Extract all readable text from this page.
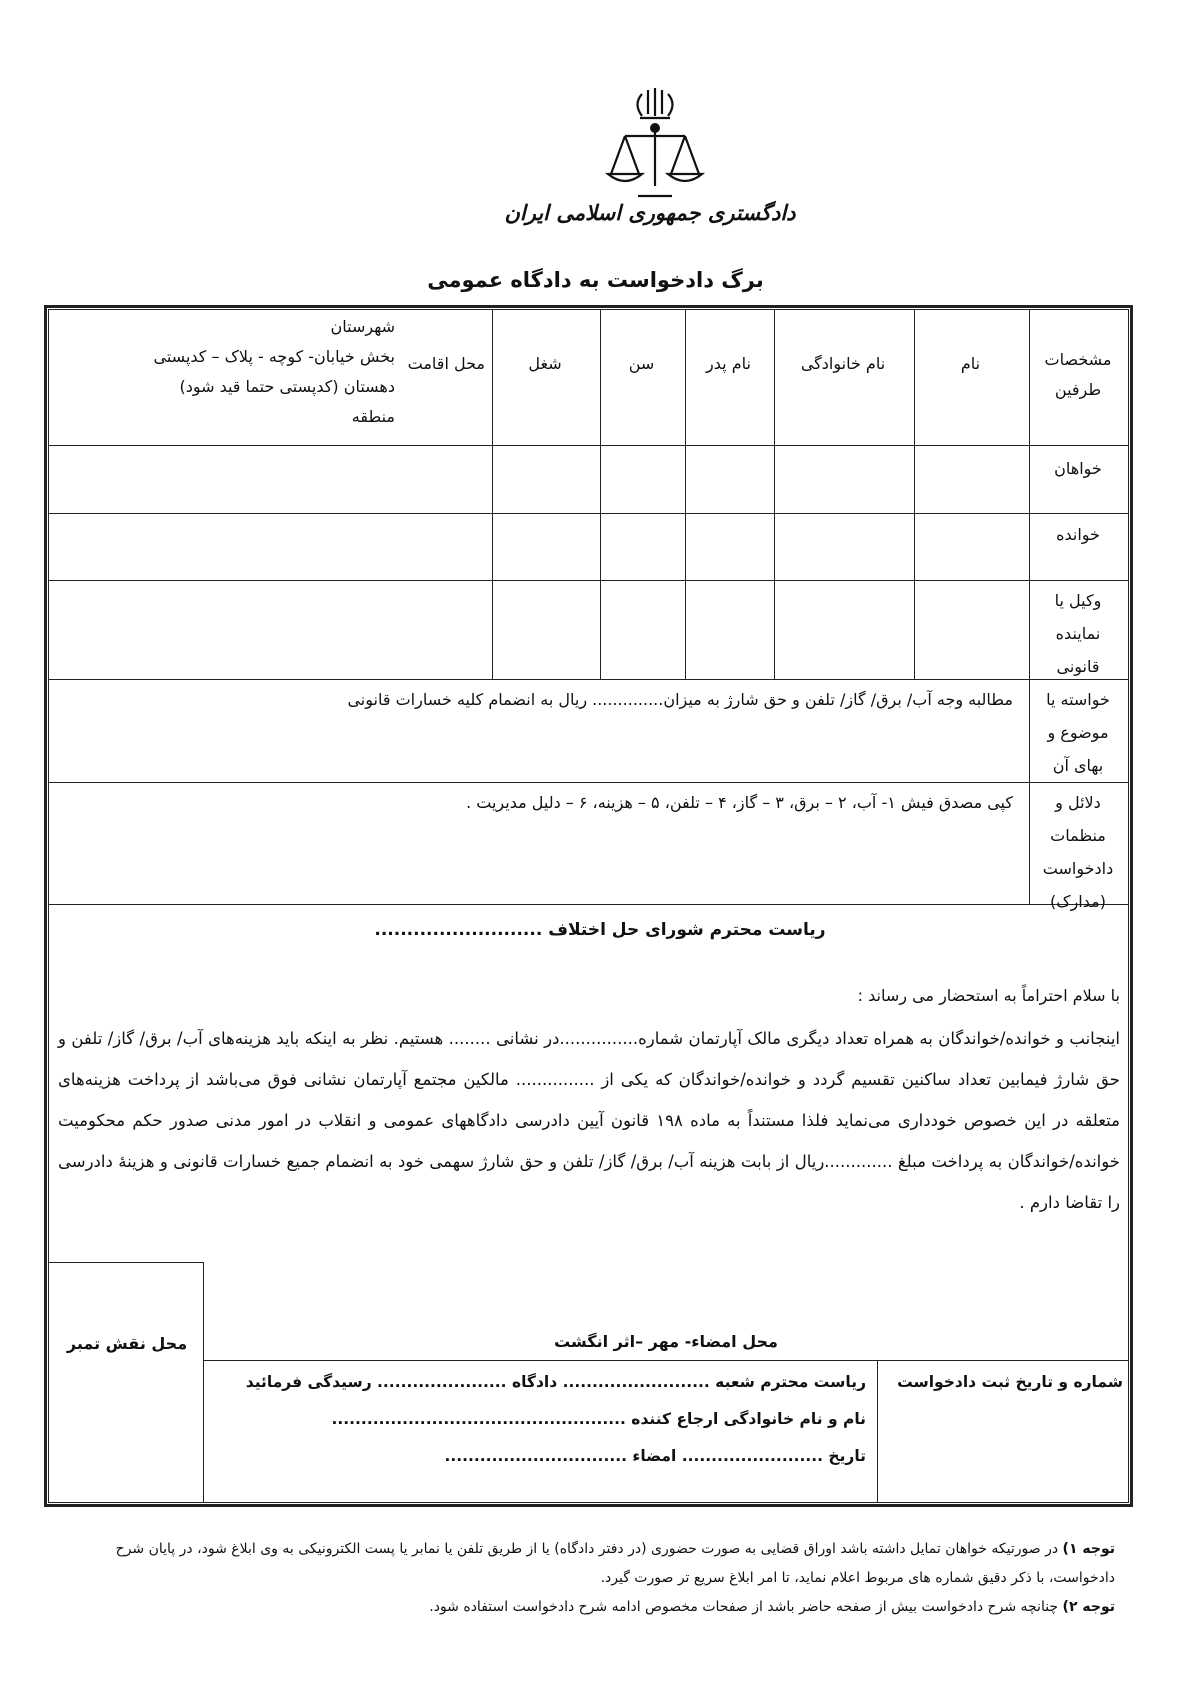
دادگستری جمهوری اسلامی ایران
برگ دادخواست به دادگاه عمومی
مشخصات طرفین
نام
نام خانوادگی
نام پدر
سن
شغل
محل اقامت
شهرستان
بخش خیابان- کوچه - پلاک – کدپستی
دهستان (کدپستی حتما قید شود)
منطقه
خواهان
خوانده
وکیل یا
نماینده
قانونی
خواسته یا
موضوع و
بهای آن
مطالبه وجه آب/ برق/ گاز/ تلفن و حق شارژ به میزان.............. ریال به انضمام کلیه خسارات قانونی
دلائل و
منظمات
دادخواست
(مدارک)
کپی مصدق فیش ۱- آب، ۲ – برق، ۳ – گاز، ۴ – تلفن، ۵ – هزینه، ۶ – دلیل مدیریت .
ریاست محترم شورای حل اختلاف ..........................
با سلام احتراماً به استحضار می رساند :
اینجانب و خوانده/خواندگان به همراه تعداد دیگری مالک آپارتمان شماره...............در نشانی ........ هستیم. نظر به اینکه باید هزینه‌های آب/ برق/ گاز/ تلفن و حق شارژ فیمابین تعداد ساکنین تقسیم گردد و خوانده/خواندگان که یکی از ............... مالکین مجتمع آپارتمان نشانی فوق می‌باشد از پرداخت هزینه‌های متعلقه در این خصوص خودداری می‌نماید فلذا مستنداً به ماده ۱۹۸ قانون آیین دادرسی دادگاههای عمومی و انقلاب در امور مدنی صدور حکم محکومیت خوانده/خواندگان به پرداخت مبلغ .............ریال از بابت هزینه آب/ برق/ گاز/ تلفن و حق شارژ سهمی خود به انضمام جمیع خسارات قانونی و هزینهٔ دادرسی را تقاضا دارم .
محل نقش تمبر	محل امضاء- مهر –اثر انگشت
شماره و تاریخ ثبت دادخواست
ریاست محترم شعبه ......................... دادگاه ...................... رسیدگی فرمائید
نام و نام خانوادگی ارجاع کننده ..................................................
تاریخ ........................ امضاء ...............................
توجه ۱) در صورتیکه خواهان تمایل داشته باشد اوراق قضایی به صورت حضوری (در دفتر دادگاه) یا از طریق تلفن یا نمابر یا پست الکترونیکی به وی ابلاغ شود، در پایان شرح دادخواست، با ذکر دقیق شماره های مربوط اعلام نماید، تا امر ابلاغ سریع تر صورت گیرد.
توجه ۲) چنانچه شرح دادخواست بیش از صفحه حاضر باشد از صفحات مخصوص ادامه شرح دادخواست استفاده شود.
